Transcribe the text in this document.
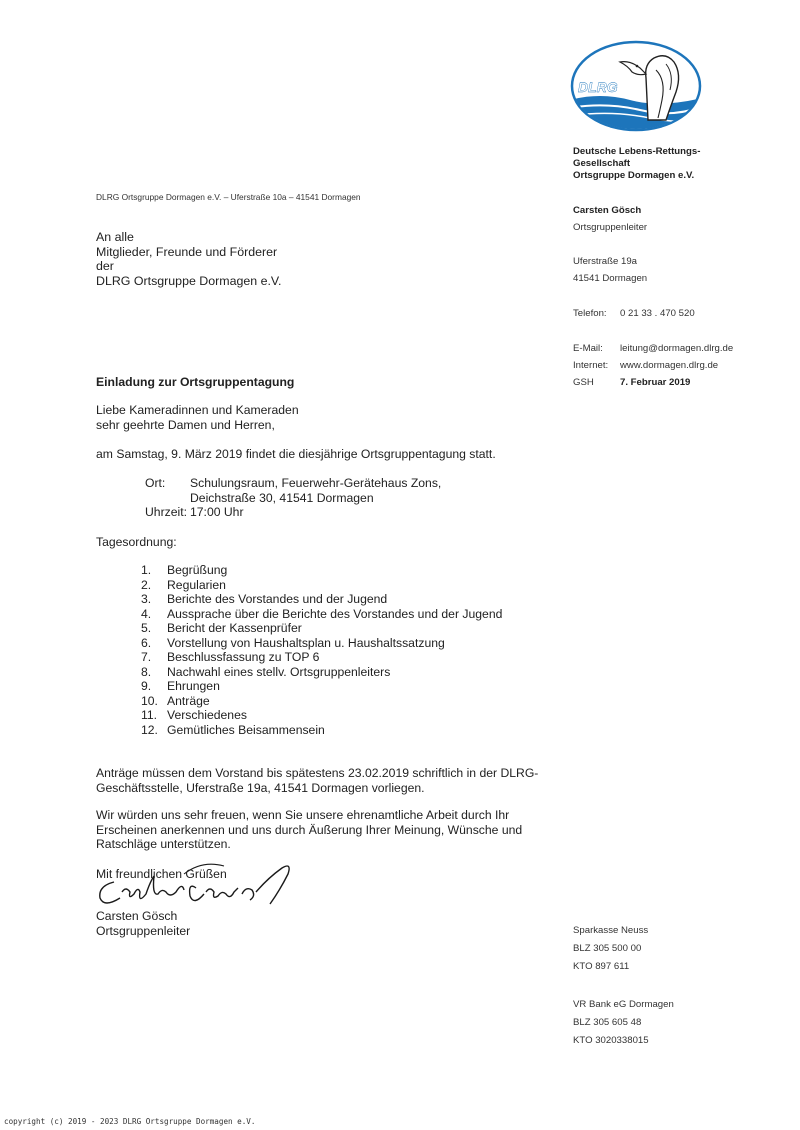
DLRG
Deutsche Lebens-Rettungs-
Gesellschaft
Ortsgruppe Dormagen e.V.
DLRG Ortsgruppe Dormagen e.V. – Uferstraße 10a – 41541 Dormagen
An alle
Mitglieder, Freunde und Förderer
der
DLRG Ortsgruppe Dormagen e.V.
Carsten Gösch
Ortsgruppenleiter
Uferstraße 19a
41541 Dormagen
Telefon: 0 21 33 . 470 520
E-Mail: leitung@dormagen.dlrg.de
Internet: www.dormagen.dlrg.de
GSH	7. Februar 2019
Einladung zur Ortsgruppentagung
Liebe Kameradinnen und Kameraden
sehr geehrte Damen und Herren,
am Samstag, 9. März 2019 findet die diesjährige Ortsgruppentagung statt.
Ort:	Schulungsraum, Feuerwehr-Gerätehaus Zons,
Deichstraße 30, 41541 Dormagen
Uhrzeit: 17:00 Uhr
Tagesordnung:
1.	Begrüßung
2.	Regularien
3.	Berichte des Vorstandes und der Jugend
4.	Aussprache über die Berichte des Vorstandes und der Jugend
5.	Bericht der Kassenprüfer
6.	Vorstellung von Haushaltsplan u. Haushaltssatzung
7.	Beschlussfassung zu TOP 6
8.	Nachwahl eines stellv. Ortsgruppenleiters
9.	Ehrungen
10. Anträge
11. Verschiedenes
12. Gemütliches Beisammensein
Anträge müssen dem Vorstand bis spätestens 23.02.2019 schriftlich in der DLRG-Geschäftsstelle, Uferstraße 19a, 41541 Dormagen vorliegen.
Wir würden uns sehr freuen, wenn Sie unsere ehrenamtliche Arbeit durch Ihr Erscheinen anerkennen und uns durch Äußerung Ihrer Meinung, Wünsche und Ratschläge unterstützen.
Mit freundlichen Grüßen
Carsten Gösch
Ortsgruppenleiter	Sparkasse Neuss
BLZ 305 500 00
KTO 897 611
VR Bank eG Dormagen
BLZ 305 605 48
KTO 3020338015
copyright (c) 2019 - 2023 DLRG Ortsgruppe Dormagen e.V.
